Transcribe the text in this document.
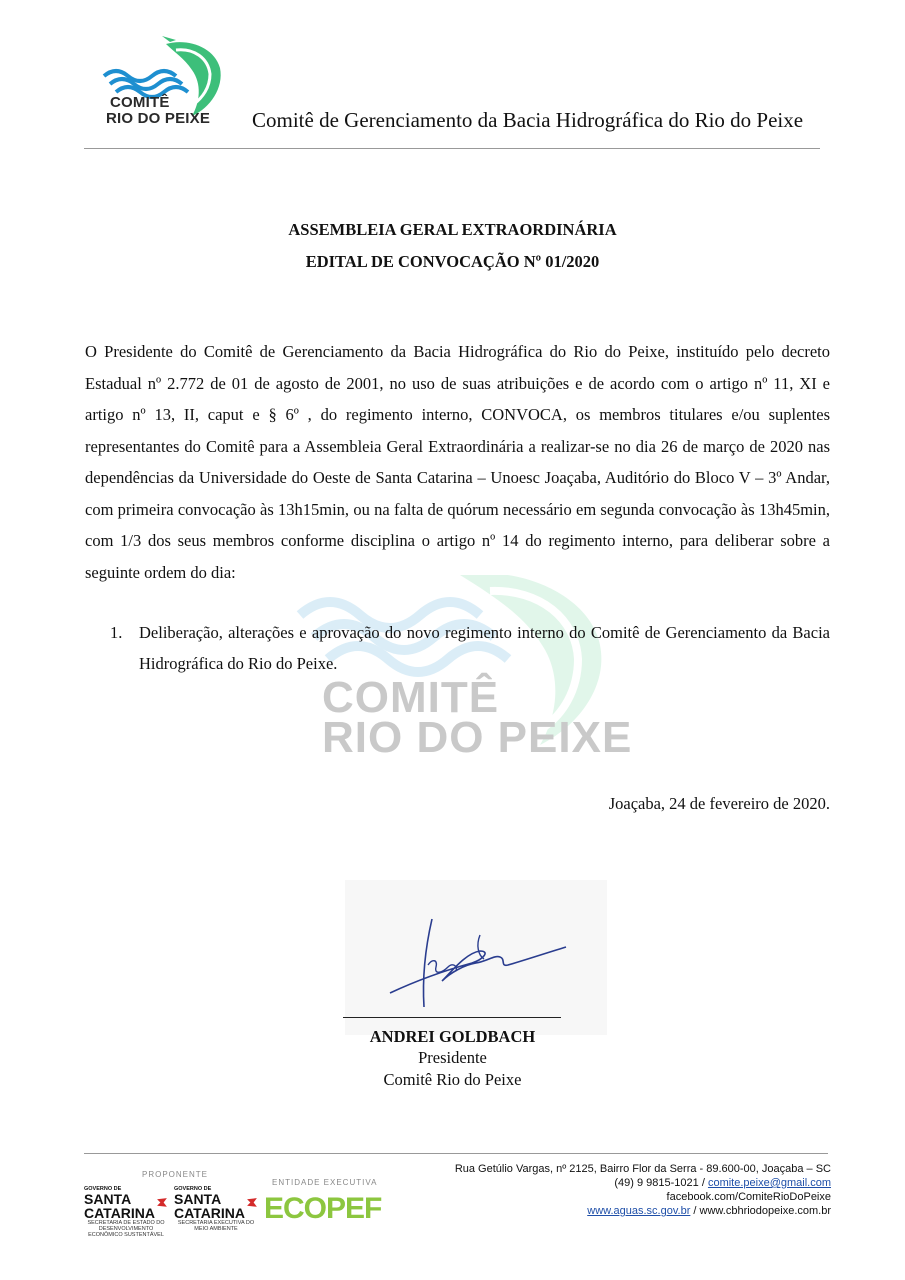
COMITÊ
RIO DO PEIXE Comitê de Gerenciamento da Bacia Hidrográfica do Rio do Peixe
COMITÊ
RIO DO PEIXE
ASSEMBLEIA GERAL EXTRAORDINÁRIA
EDITAL DE CONVOCAÇÃO Nº 01/2020
O Presidente do Comitê de Gerenciamento da Bacia Hidrográfica do Rio do Peixe, instituído pelo decreto Estadual nº 2.772 de 01 de agosto de 2001, no uso de suas atribuições e de acordo com o artigo nº 11, XI e artigo nº 13, II, caput e § 6º , do regimento interno, CONVOCA, os membros titulares e/ou suplentes representantes do Comitê para a Assembleia Geral Extraordinária a realizar-se no dia 26 de março de 2020 nas dependências da Universidade do Oeste de Santa Catarina – Unoesc Joaçaba, Auditório do Bloco V – 3º Andar, com primeira convocação às 13h15min, ou na falta de quórum necessário em segunda convocação às 13h45min, com 1/3 dos seus membros conforme disciplina o artigo nº 14 do regimento interno, para deliberar sobre a seguinte ordem do dia:
1. Deliberação, alterações e aprovação do novo regimento interno do Comitê de Gerenciamento da Bacia Hidrográfica do Rio do Peixe.
Joaçaba, 24 de fevereiro de 2020.
ANDREI GOLDBACH
Presidente
Comitê Rio do Peixe
PROPONENTE
ENTIDADE EXECUTIVA
GOVERNO DE
SANTA
CATARINA
SECRETARIA DE ESTADO DO DESENVOLVIMENTO ECONÔMICO SUSTENTÁVEL
GOVERNO DE
SANTA
CATARINA
SECRETARIA EXECUTIVA DO MEIO AMBIENTE
ECOPEF
Rua Getúlio Vargas, nº 2125, Bairro Flor da Serra - 89.600-00, Joaçaba – SC
(49) 9 9815-1021 / comite.peixe@gmail.com
facebook.com/ComiteRioDoPeixe
www.aguas.sc.gov.br / www.cbhriodopeixe.com.br
